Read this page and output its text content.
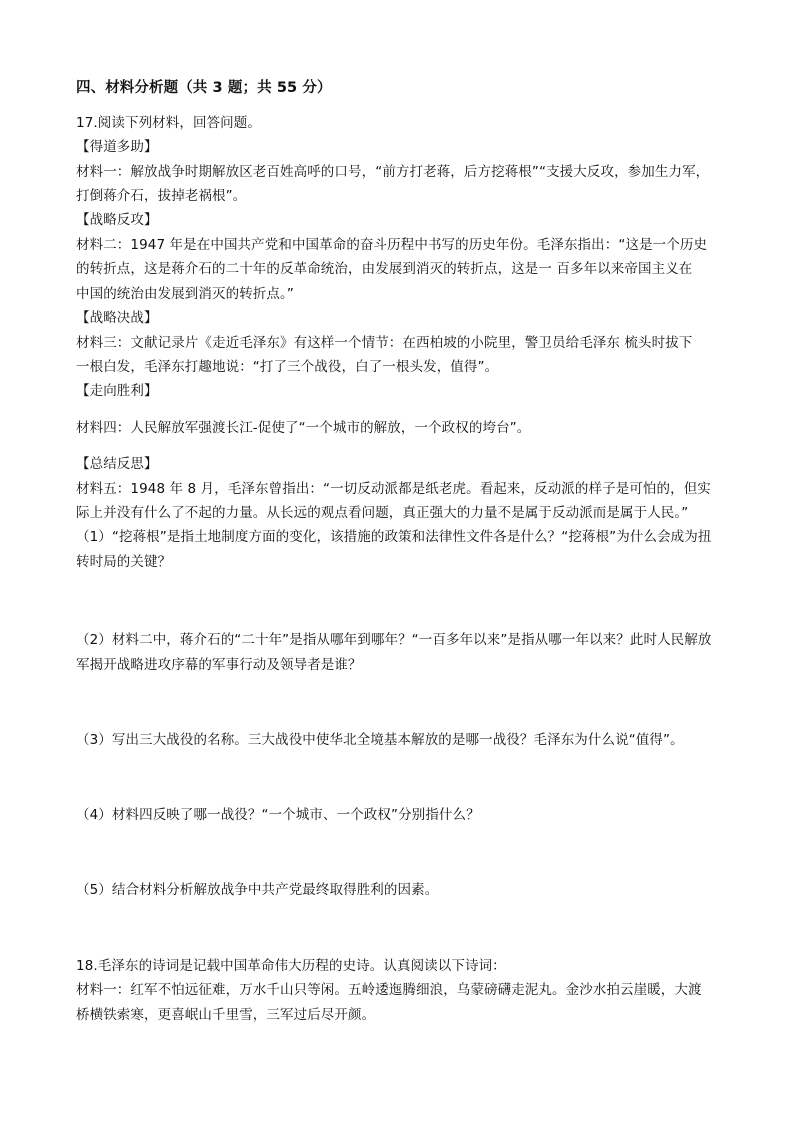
四、材料分析题（共 3 题；共 55 分）
17.阅读下列材料，回答问题。
【得道多助】
材料一：解放战争时期解放区老百姓高呼的口号，“前方打老蒋，后方挖蒋根”“支援大反攻，参加生力军，
打倒蒋介石，拔掉老祸根”。
【战略反攻】
材料二：1947 年是在中国共产党和中国革命的奋斗历程中书写的历史年份。毛泽东指出：“这是一个历史
的转折点，这是蒋介石的二十年的反革命统治，由发展到消灭的转折点，这是一 百多年以来帝国主义在
中国的统治由发展到消灭的转折点。”
【战略决战】
材料三：文献记录片《走近毛泽东》有这样一个情节：在西柏坡的小院里，警卫员给毛泽东 梳头时拔下
一根白发，毛泽东打趣地说：“打了三个战役，白了一根头发，值得”。
【走向胜利】
材料四：人民解放军强渡长江-促使了“一个城市的解放，一个政权的垮台”。
【总结反思】
材料五：1948 年 8 月，毛泽东曾指出：“一切反动派都是纸老虎。看起来，反动派的样子是可怕的，但实
际上并没有什么了不起的力量。从长远的观点看问题，真正强大的力量不是属于反动派而是属于人民。”
（1）“挖蒋根”是指土地制度方面的变化，该措施的政策和法律性文件各是什么？“挖蒋根”为什么会成为扭
转时局的关键？
（2）材料二中，蒋介石的“二十年”是指从哪年到哪年？“一百多年以来”是指从哪一年以来？此时人民解放
军揭开战略进攻序幕的军事行动及领导者是谁？
（3）写出三大战役的名称。三大战役中使华北全境基本解放的是哪一战役？毛泽东为什么说“值得”。
（4）材料四反映了哪一战役？“一个城市、一个政权”分别指什么？
（5）结合材料分析解放战争中共产党最终取得胜利的因素。
18.毛泽东的诗词是记载中国革命伟大历程的史诗。认真阅读以下诗词：
材料一：红军不怕远征难，万水千山只等闲。五岭逶迤腾细浪，乌蒙磅礴走泥丸。金沙水拍云崖暖，大渡
桥横铁索寒，更喜岷山千里雪，三军过后尽开颜。
